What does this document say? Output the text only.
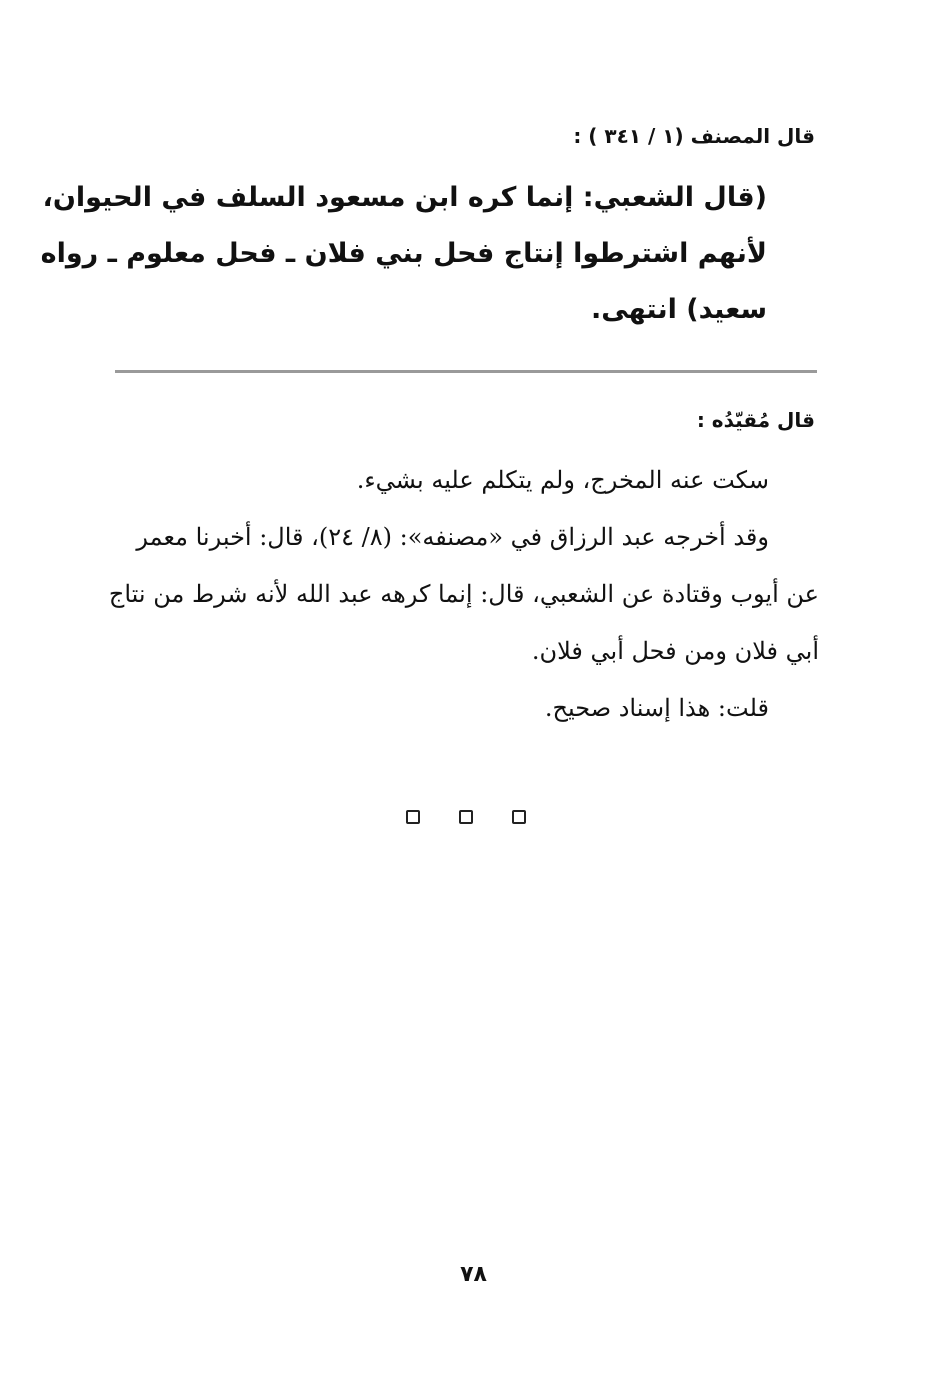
قال المصنف (١ / ٣٤١ ) :
(قال الشعبي: إنما كره ابن مسعود السلف في الحيوان،
لأنهم اشترطوا إنتاج فحل بني فلان ـ فحل معلوم ـ رواه
سعيد) انتهى.
قال مُقيّدُه :
سكت عنه المخرج، ولم يتكلم عليه بشيء.
وقد أخرجه عبد الرزاق في «مصنفه»: (٨/ ٢٤)، قال: أخبرنا معمر
عن أيوب وقتادة عن الشعبي، قال: إنما كرهه عبد الله لأنه شرط من نتاج
أبي فلان ومن فحل أبي فلان.
قلت: هذا إسناد صحيح.
٧٨
